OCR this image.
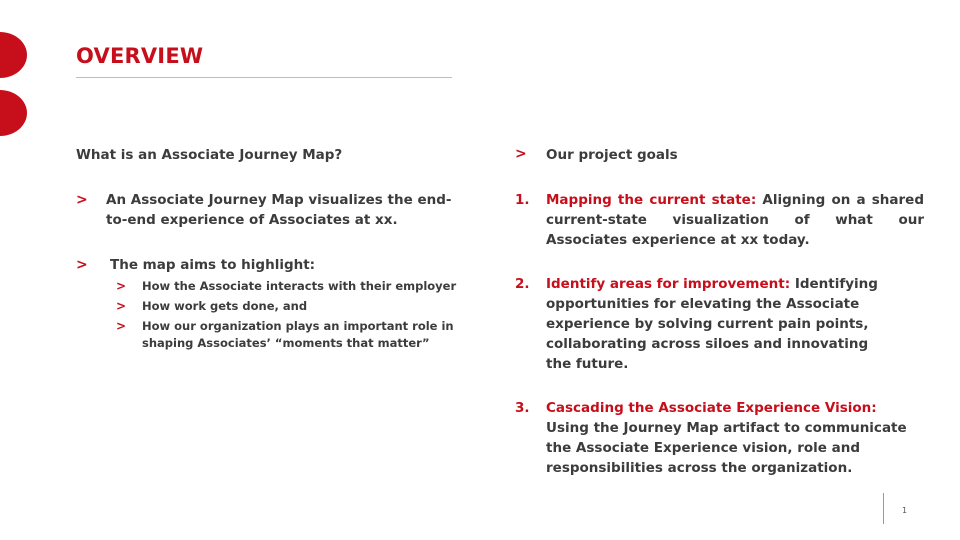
OVERVIEW
What is an Associate Journey Map?
> An Associate Journey Map visualizes the end-to-end experience of Associates at xx.
> The map aims to highlight:
> How the Associate interacts with their employer
> How work gets done, and
> How our organization plays an important role in shaping Associates’ “moments that matter”
> Our project goals
1. Mapping the current state: Aligning on a shared current-state visualization of what our Associates experience at xx today.
2. Identify areas for improvement: Identifying opportunities for elevating the Associate experience by solving current pain points, collaborating across siloes and innovating the future.
3. Cascading the Associate Experience Vision: Using the Journey Map artifact to communicate the Associate Experience vision, role and responsibilities across the organization.
1
